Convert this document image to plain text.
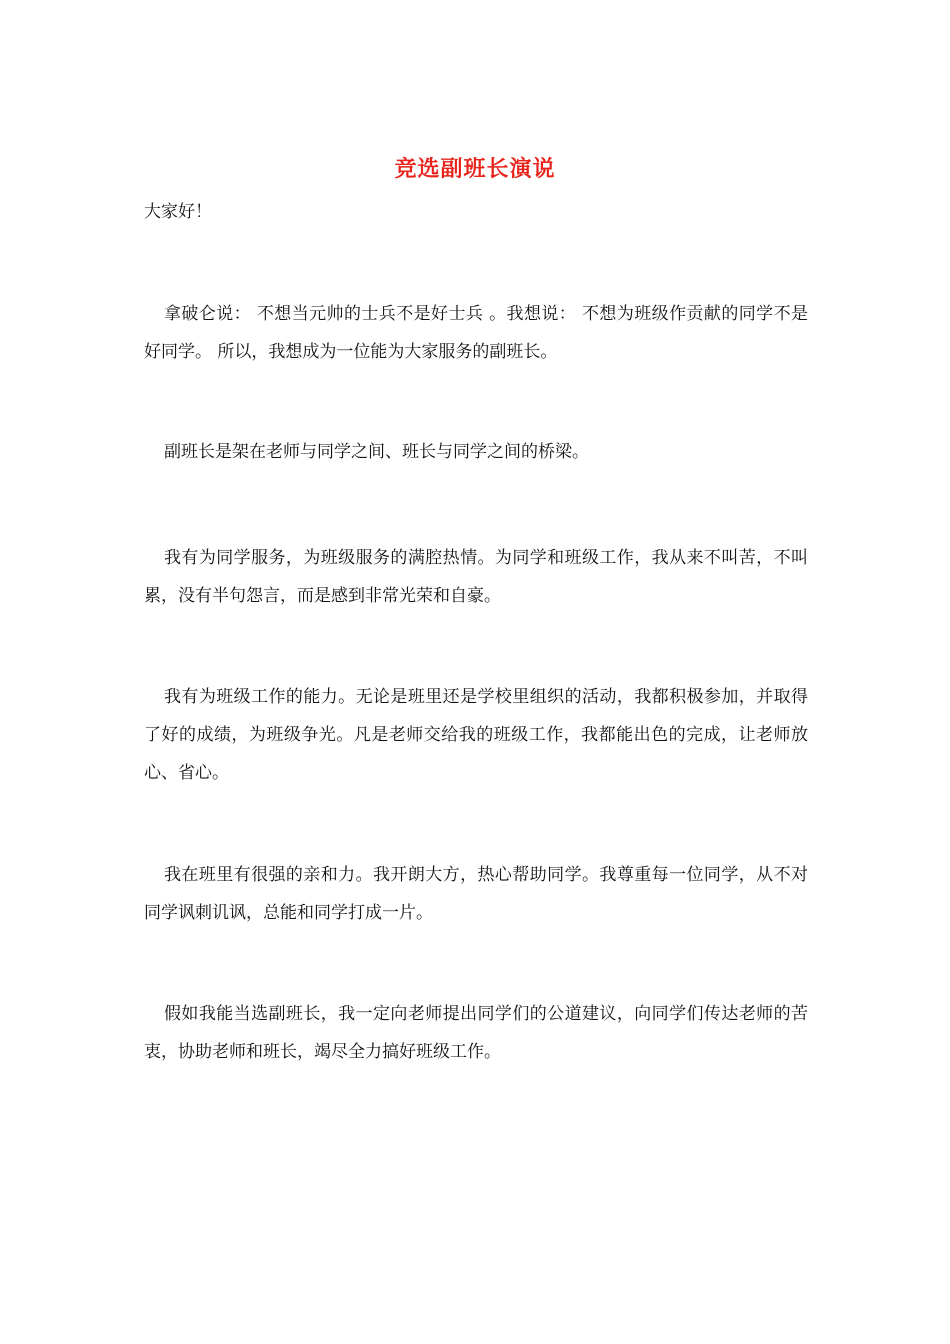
竞选副班长演说
大家好！

拿破仑说： 不想当元帅的士兵不是好士兵 。我想说： 不想为班级作贡献的同学不是好同学。 所以，我想成为一位能为大家服务的副班长。

副班长是架在老师与同学之间、班长与同学之间的桥梁。

我有为同学服务，为班级服务的满腔热情。为同学和班级工作，我从来不叫苦，不叫累，没有半句怨言，而是感到非常光荣和自豪。

我有为班级工作的能力。无论是班里还是学校里组织的活动，我都积极参加，并取得了好的成绩，为班级争光。凡是老师交给我的班级工作，我都能出色的完成，让老师放心、省心。

我在班里有很强的亲和力。我开朗大方，热心帮助同学。我尊重每一位同学，从不对同学讽刺讥讽，总能和同学打成一片。

假如我能当选副班长，我一定向老师提出同学们的公道建议，向同学们传达老师的苦衷，协助老师和班长，竭尽全力搞好班级工作。
